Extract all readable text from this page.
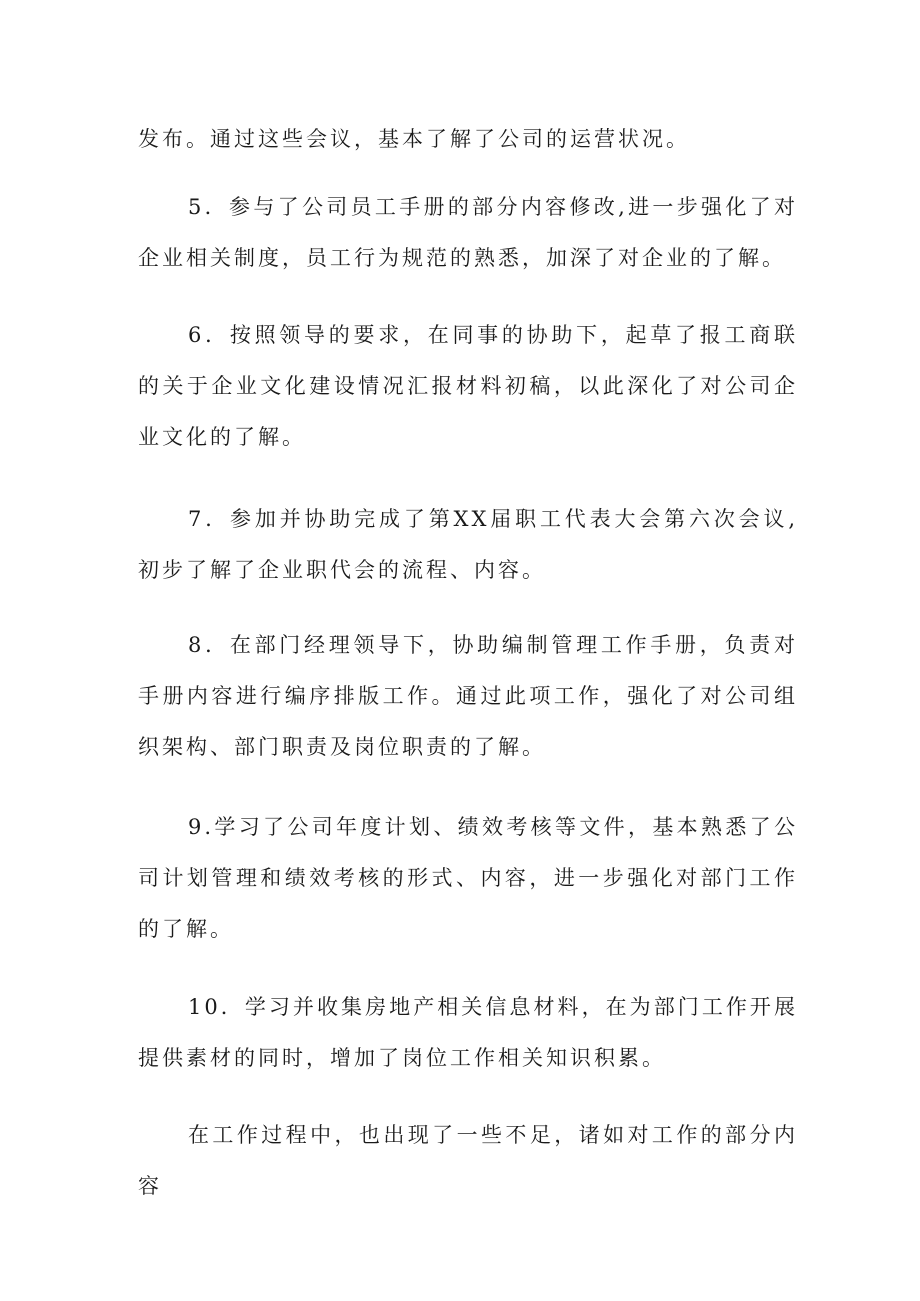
发布。通过这些会议，基本了解了公司的运营状况。

5．参与了公司员工手册的部分内容修改,进一步强化了对企业相关制度，员工行为规范的熟悉，加深了对企业的了解。

6．按照领导的要求，在同事的协助下，起草了报工商联的关于企业文化建设情况汇报材料初稿，以此深化了对公司企业文化的了解。

7．参加并协助完成了第XX届职工代表大会第六次会议,初步了解了企业职代会的流程、内容。

8．在部门经理领导下，协助编制管理工作手册，负责对手册内容进行编序排版工作。通过此项工作，强化了对公司组织架构、部门职责及岗位职责的了解。

9.学习了公司年度计划、绩效考核等文件，基本熟悉了公司计划管理和绩效考核的形式、内容，进一步强化对部门工作的了解。

10．学习并收集房地产相关信息材料，在为部门工作开展提供素材的同时，增加了岗位工作相关知识积累。

在工作过程中，也出现了一些不足，诸如对工作的部分内容
